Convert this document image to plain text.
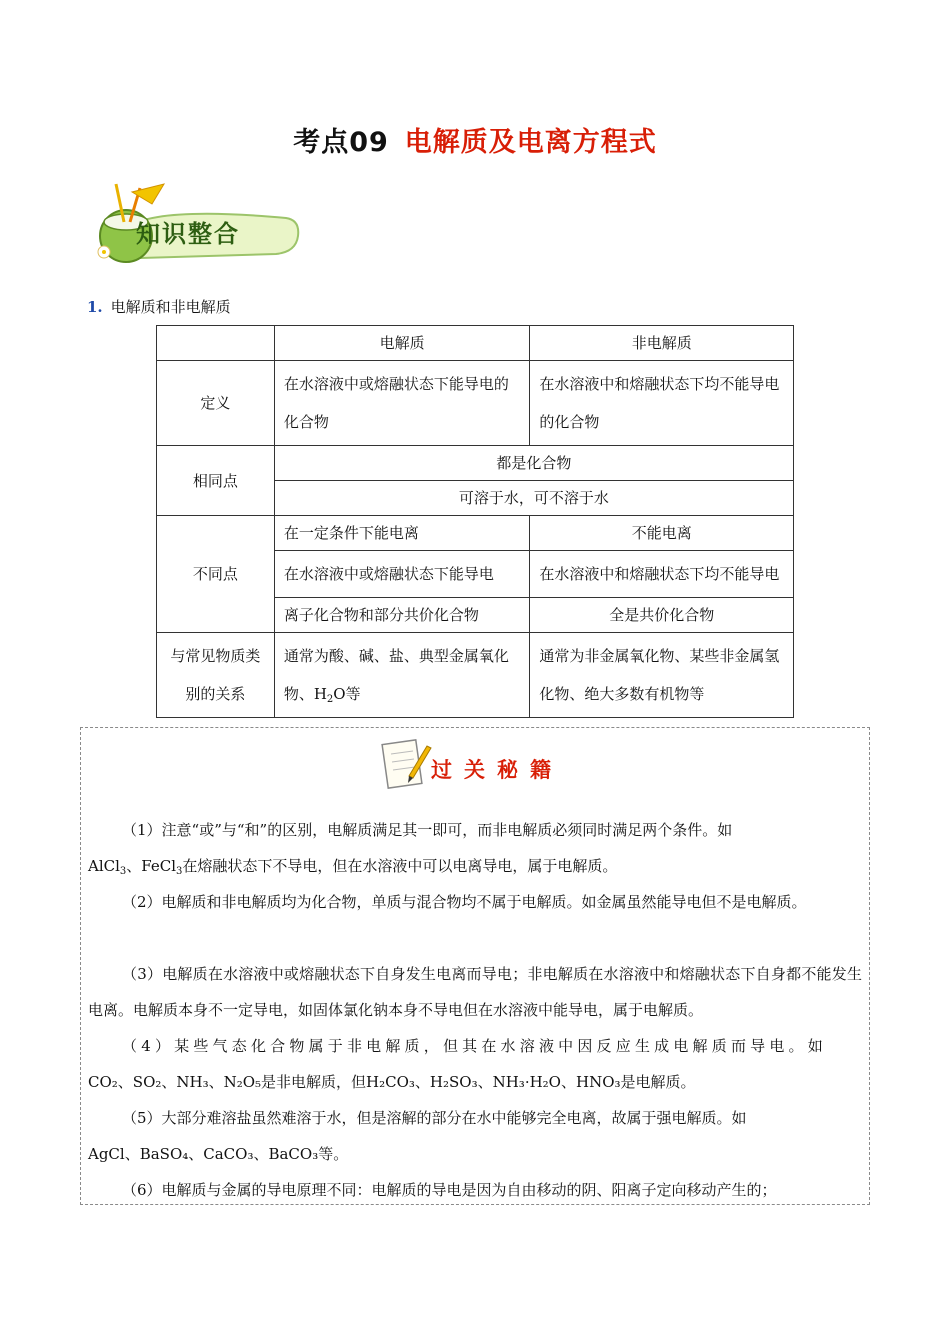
考点09 电解质及电离方程式
知识整合
1. 电解质和非电解质
	电解质	非电解质
定义	在水溶液中或熔融状态下能导电的化合物	在水溶液中和熔融状态下均不能导电的化合物
相同点	都是化合物	
	可溶于水，可不溶于水	
不同点	在一定条件下能电离	不能电离
	在水溶液中或熔融状态下能导电	在水溶液中和熔融状态下均不能导电
	离子化合物和部分共价化合物	全是共价化合物
与常见物质类别的关系	通常为酸、碱、盐、典型金属氧化物、$H_2O$等	通常为非金属氧化物、某些非金属氢化物、绝大多数有机物等
过关秘籍
（1）注意“或”与“和”的区别，电解质满足其一即可，而非电解质必须同时满足两个条件。如
AlCl$_3$、FeCl$_3$在熔融状态下不导电，但在水溶液中可以电离导电，属于电解质。
（2）电解质和非电解质均为化合物，单质与混合物均不属于电解质。如金属虽然能导电但不是电解质。
（3）电解质在水溶液中或熔融状态下自身发生电离而导电；非电解质在水溶液中和熔融状态下自身都不能发生电离。电解质本身不一定导电，如固体氯化钠本身不导电但在水溶液中能导电，属于电解质。
（4）某些气态化合物属于非电解质，但其在水溶液中因反应生成电解质而导电。如
CO₂、SO₂、NH₃、N₂O₅是非电解质，但H₂CO₃、H₂SO₃、NH₃·H₂O、HNO₃是电解质。
（5）大部分难溶盐虽然难溶于水，但是溶解的部分在水中能够完全电离，故属于强电解质。如
AgCl、BaSO₄、CaCO₃、BaCO₃等。
（6）电解质与金属的导电原理不同：电解质的导电是因为自由移动的阴、阳离子定向移动产生的；
